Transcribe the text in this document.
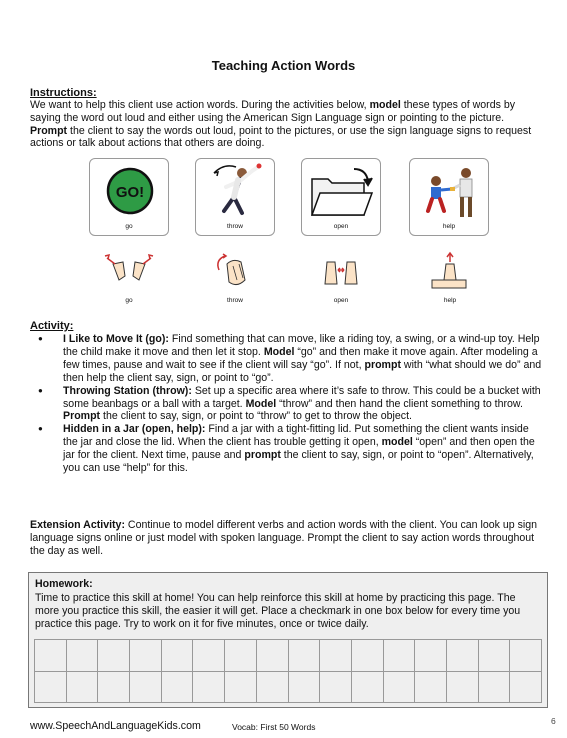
Teaching Action Words
Instructions:
We want to help this client use action words. During the activities below, model these types of words by saying the word out loud and either using the American Sign Language sign or pointing to the picture. Prompt the client to say the words out loud, point to the pictures, or use the sign language signs to request actions or talk about actions that others are doing.
GO!
go	throw	open	help
go	throw	open	help
Activity:
● I Like to Move It (go): Find something that can move, like a riding toy, a swing, or a wind-up toy. Help the child make it move and then let it stop. Model “go” and then make it move again. After modeling a few times, pause and wait to see if the client will say “go”. If not, prompt with “what should we do” and then help the client say, sign, or point to “go”.
● Throwing Station (throw): Set up a specific area where it’s safe to throw. This could be a bucket with some beanbags or a ball with a target. Model “throw” and then hand the client something to throw. Prompt the client to say, sign, or point to “throw” to get to throw the object.
● Hidden in a Jar (open, help): Find a jar with a tight-fitting lid. Put something the client wants inside the jar and close the lid. When the client has trouble getting it open, model “open” and then open the jar for the client. Next time, pause and prompt the client to say, sign, or point to “open”. Alternatively, you can use “help” for this.
Extension Activity: Continue to model different verbs and action words with the client. You can look up sign language signs online or just model with spoken language. Prompt the client to say action words throughout the day as well.
Homework:
Time to practice this skill at home! You can help reinforce this skill at home by practicing this page. The more you practice this skill, the easier it will get. Place a checkmark in one box below for every time you practice this page. Try to work on it for five minutes, once or twice daily.

www.SpeechAndLanguageKids.com	Vocab: First 50 Words
6
